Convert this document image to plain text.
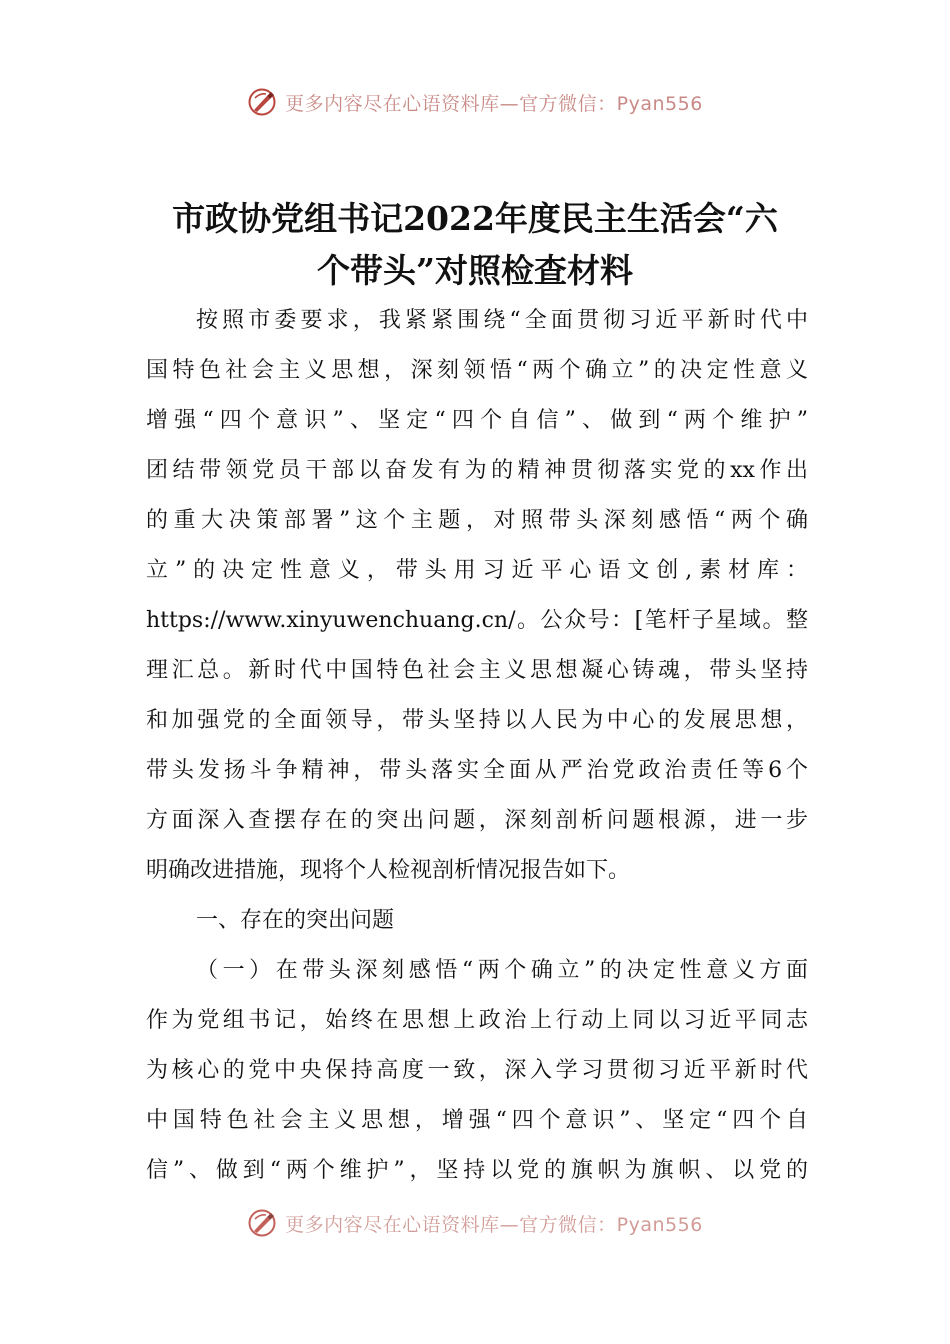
更多内容尽在心语资料库—官方微信：Pyan556
市政协党组书记2022年度民主生活会“六
个带头”对照检查材料
按照市委要求，我紧紧围绕“全面贯彻习近平新时代中
国特色社会主义思想，深刻领悟“两个确立”的决定性意义
增强“四个意识”、坚定“四个自信”、做到“两个维护”
团结带领党员干部以奋发有为的精神贯彻落实党的xx作出
的重大决策部署”这个主题，对照带头深刻感悟“两个确
立”的决定性意义，带头用习近平心语文创,素材库：
https://www.xinyuwenchuang.cn/。公众号：[笔杆子星域。整
理汇总。新时代中国特色社会主义思想凝心铸魂，带头坚持
和加强党的全面领导，带头坚持以人民为中心的发展思想，
带头发扬斗争精神，带头落实全面从严治党政治责任等6个
方面深入查摆存在的突出问题，深刻剖析问题根源，进一步
明确改进措施，现将个人检视剖析情况报告如下。
一、存在的突出问题
（一）在带头深刻感悟“两个确立”的决定性意义方面
作为党组书记，始终在思想上政治上行动上同以习近平同志
为核心的党中央保持高度一致，深入学习贯彻习近平新时代
中国特色社会主义思想，增强“四个意识”、坚定“四个自
信”、做到“两个维护”，坚持以党的旗帜为旗帜、以党的
更多内容尽在心语资料库—官方微信：Pyan556
